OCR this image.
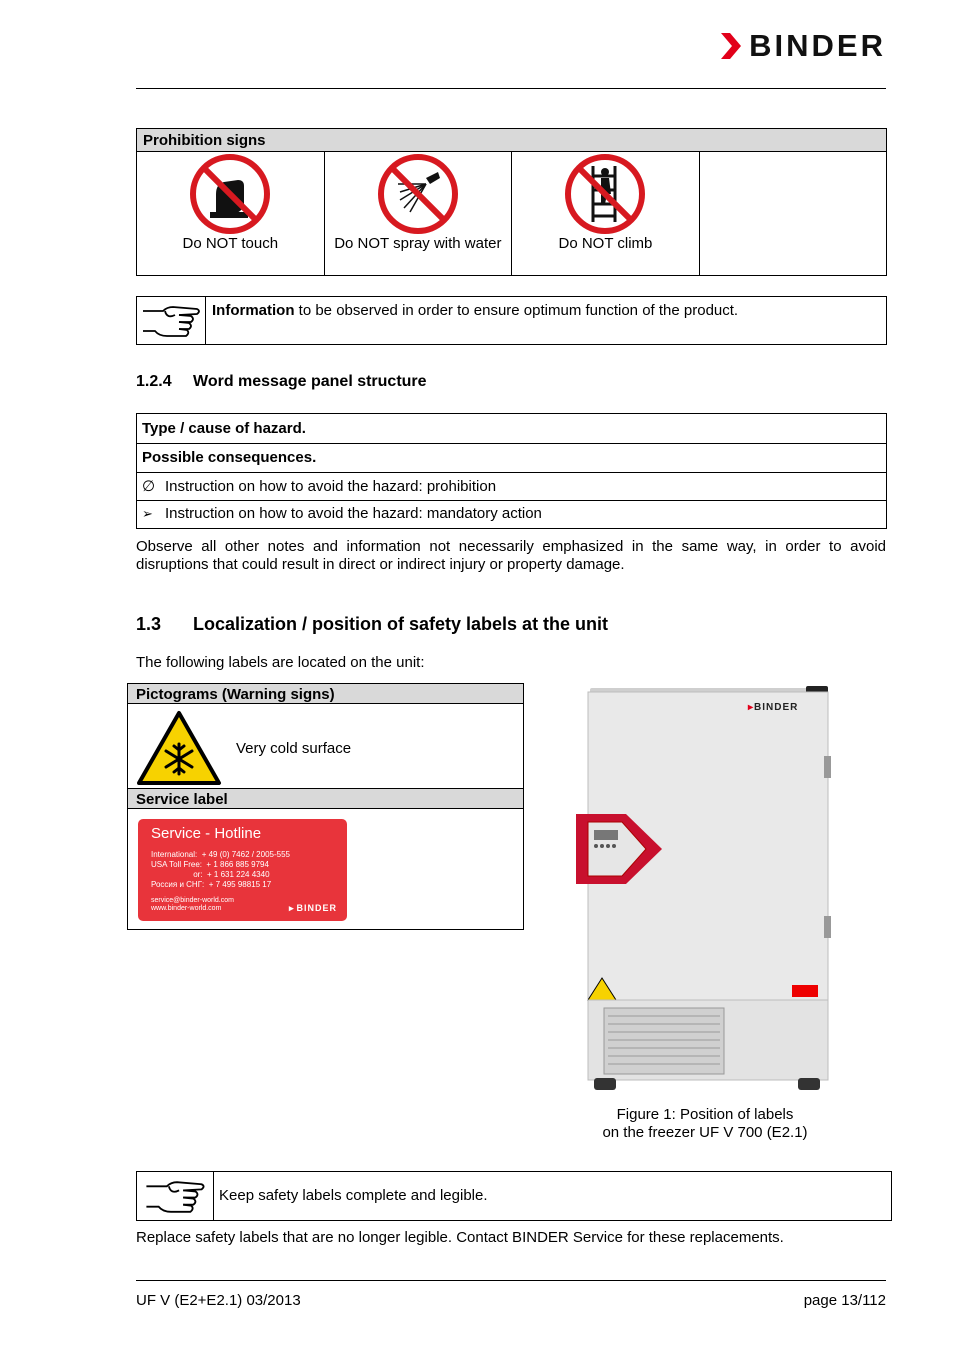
BINDER
Prohibition signs

Do NOT touch	Do NOT spray with water	Do NOT climb

Information to be observed in order to ensure optimum function of the product.
1.2.4 Word message panel structure
Type / cause of hazard.
Possible consequences.
∅ Instruction on how to avoid the hazard: prohibition
➢ Instruction on how to avoid the hazard: mandatory action
Observe all other notes and information not necessarily emphasized in the same way, in order to avoid disruptions that could result in direct or indirect injury or property damage.
1.3 Localization / position of safety labels at the unit
The following labels are located on the unit:
Pictograms (Warning signs)
Very cold surface
Service label
Service - Hotline
International:  + 49 (0) 7462 / 2005-555
USA Toll Free:  + 1 866 885 9794
or:  + 1 631 224 4340
Россия и СНГ:  + 7 495 98815 17
service@binder-world.com
www.binder-world.com	▸ BINDER
▸BINDER
Figure 1: Position of labels
on the freezer UF V 700 (E2.1)
Keep safety labels complete and legible.
Replace safety labels that are no longer legible. Contact BINDER Service for these replacements.
UF V (E2+E2.1) 03/2013	page 13/112
